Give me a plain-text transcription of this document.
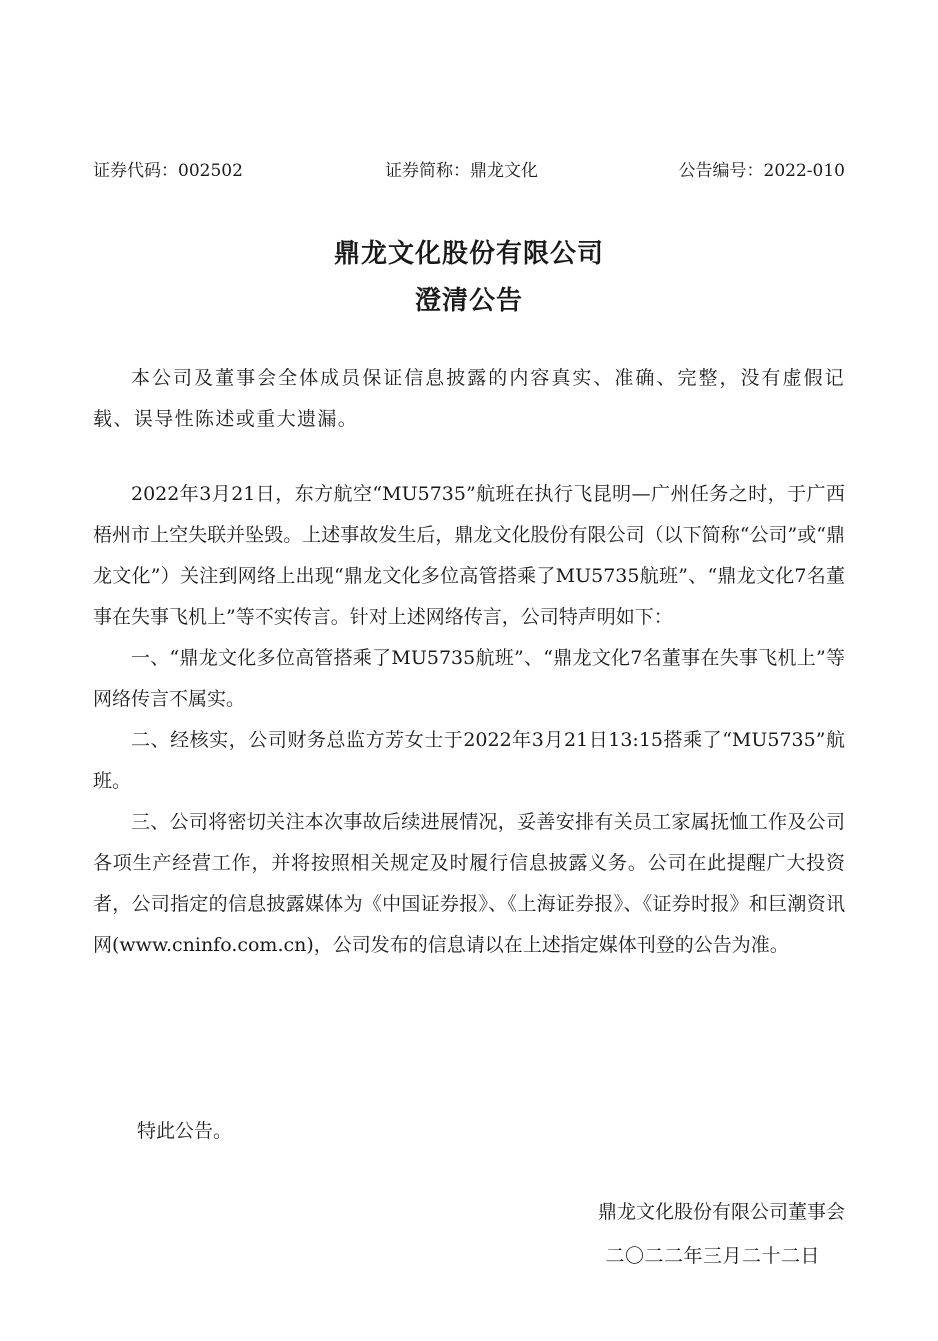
证券代码：002502	证券简称：鼎龙文化	公告编号：2022-010
鼎龙文化股份有限公司
澄清公告

本公司及董事会全体成员保证信息披露的内容真实、准确、完整，没有虚假记载、误导性陈述或重大遗漏。

2022年3月21日，东方航空“MU5735”航班在执行飞昆明—广州任务之时，于广西梧州市上空失联并坠毁。上述事故发生后，鼎龙文化股份有限公司（以下简称“公司”或“鼎龙文化”）关注到网络上出现“鼎龙文化多位高管搭乘了MU5735航班”、“鼎龙文化7名董事在失事飞机上”等不实传言。针对上述网络传言，公司特声明如下：

一、“鼎龙文化多位高管搭乘了MU5735航班”、“鼎龙文化7名董事在失事飞机上”等网络传言不属实。

二、经核实，公司财务总监方芳女士于2022年3月21日13:15搭乘了“MU5735”航班。

三、公司将密切关注本次事故后续进展情况，妥善安排有关员工家属抚恤工作及公司各项生产经营工作，并将按照相关规定及时履行信息披露义务。公司在此提醒广大投资者，公司指定的信息披露媒体为《中国证券报》、《上海证券报》、《证券时报》和巨潮资讯网(www.cninfo.com.cn)，公司发布的信息请以在上述指定媒体刊登的公告为准。

特此公告。
鼎龙文化股份有限公司董事会
二〇二二年三月二十二日
